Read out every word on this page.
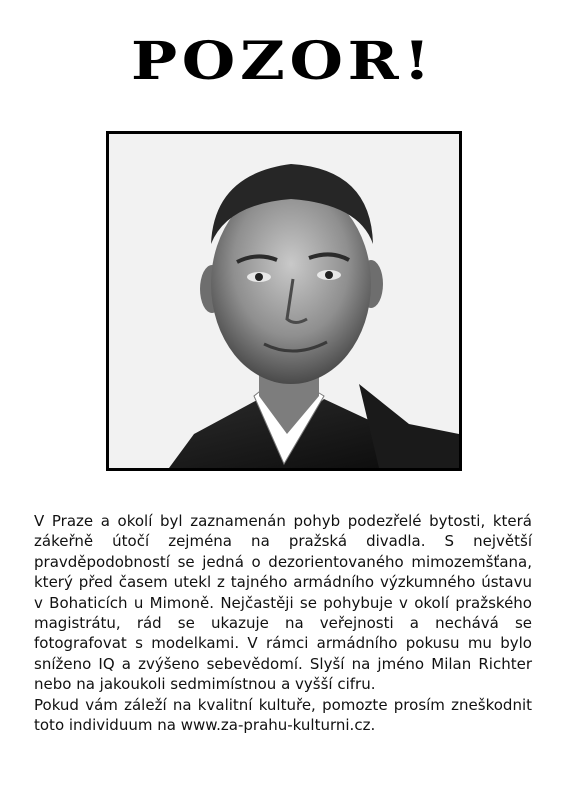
POZOR!

V Praze a okolí byl zaznamenán pohyb podezřelé bytosti, která zákeřně útočí zejména na pražská divadla. S největší pravděpodobností se jedná o dezorientovaného mimozemšťana, který před časem utekl z tajného armádního výzkumného ústavu v Bohaticích u Mimoně. Nejčastěji se pohybuje v okolí pražského magistrátu, rád se ukazuje na veřejnosti a nechává se fotografovat s modelkami. V rámci armádního pokusu mu bylo sníženo IQ a zvýšeno sebevědomí. Slyší na jméno Milan Richter nebo na jakoukoli sedmimístnou a vyšší cifru.

Pokud vám záleží na kvalitní kultuře, pomozte prosím zneškodnit toto individuum na www.za-prahu-kulturni.cz.
